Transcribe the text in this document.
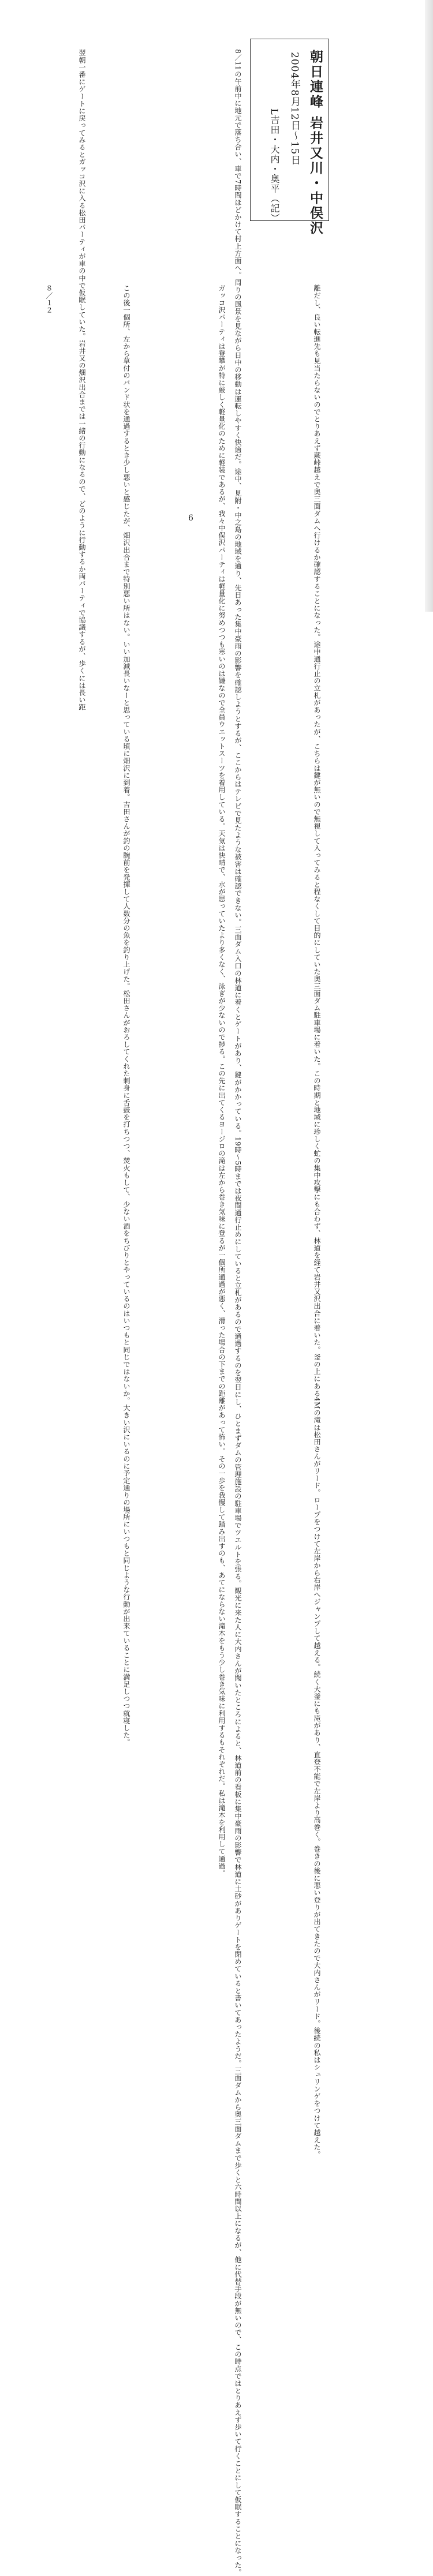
朝日連峰 岩井又川・中俣沢
2004年8月12日～15日
L吉田・大内・奥平（記）

8／11の午前中に地元で落ち合い、車で7時間ほどかけて村上方面へ。周りの風景を見ながら日中の移動は運転しやすく快適だ。途中、見附・中之島の地域を通り、先日あった集中豪雨の影響を確認しようとするが、ここからはテレビで見たような被害は確認できない。三面ダム入口の林道に着くとゲートがあり、鍵がかかっている。19時～5時までは夜間通行止めにしていると立札があるので通過するのを翌日にし、ひとまずダムの管理施設の駐車場でツエルトを張る。観光に来た人に大内さんが聞いたところによると、林道前の看板に集中豪雨の影響で林道に土砂がありゲートを閉めていると書いてあったようだ。三面ダムから奥三面ダムまで歩くと六時間以上になるが、他に代替手段が無いので、この時点ではとりあえず歩いて行くことにして仮眠することになった。

翌朝一番にゲートに戻ってみるとガッコ沢に入る松田パーティが車の中で仮眠していた。岩井又の畑沢出合までは一緒の行動になるので、どのように行動するか両パーティで協議するが、歩くには長い距	離だし、良い転進先も見当たらないのでとりあえず蕨峠越えで奥三面ダムへ行けるか確認することになった。途中通行止の立札があったが、こちらは鍵が無いので無視して入ってみると程なくして目的にしていた奥三面ダム駐車場に着いた。この時期と地域に珍しく虻の集中攻撃にも合わず、林道を経て岩井又沢出合に着いた。釜の上にある4Mの滝は松田さんがリード。ロープをつけて左岸から右岸へジャンプして越える。続く大釜にも滝があり、直登不能で左岸より高巻く。巻きの後に悪い登りが出てきたので大内さんがリード。後続の私はシュリンゲをつけて越えた。

ガッコ沢パーティは登攀が特に厳しく軽量化のために軽装であるが、我々中俣沢パーティは軽量化に努めつつも寒いのは嫌なので全員ウエットスーツを着用している。天気は快晴で、水が思っていたより多くなく、泳ぎが少ないので捗る。この先に出てくるヨージロの滝は左から巻き気味に登るが一個所通過が悪く、滑った場合の下までの距離があって怖い。その一歩を我慢して踏み出すのも、あてにならない滝木をもう少し巻き気味に利用するもそれぞれだ。私は滝木を利用して通過。

この後一個所、左から草付のバンド状を通過するとき少し悪いと感じたが、畑沢出合まで特別悪い所はない。いい加減長いなーと思っている頃に畑沢に到着。吉田さんが釣の腕前を発揮して人数分の魚を釣り上げた。松田さんがおろしてくれた刺身に舌鼓を打ちつつ、焚火もして、少ない酒をちびりとやっているのはいつもと同じではないか。大きい沢にいるのに予定通りの場所にいつもと同じような行動が出来ていることに満足しつつ就寝した。

８／１２
6
